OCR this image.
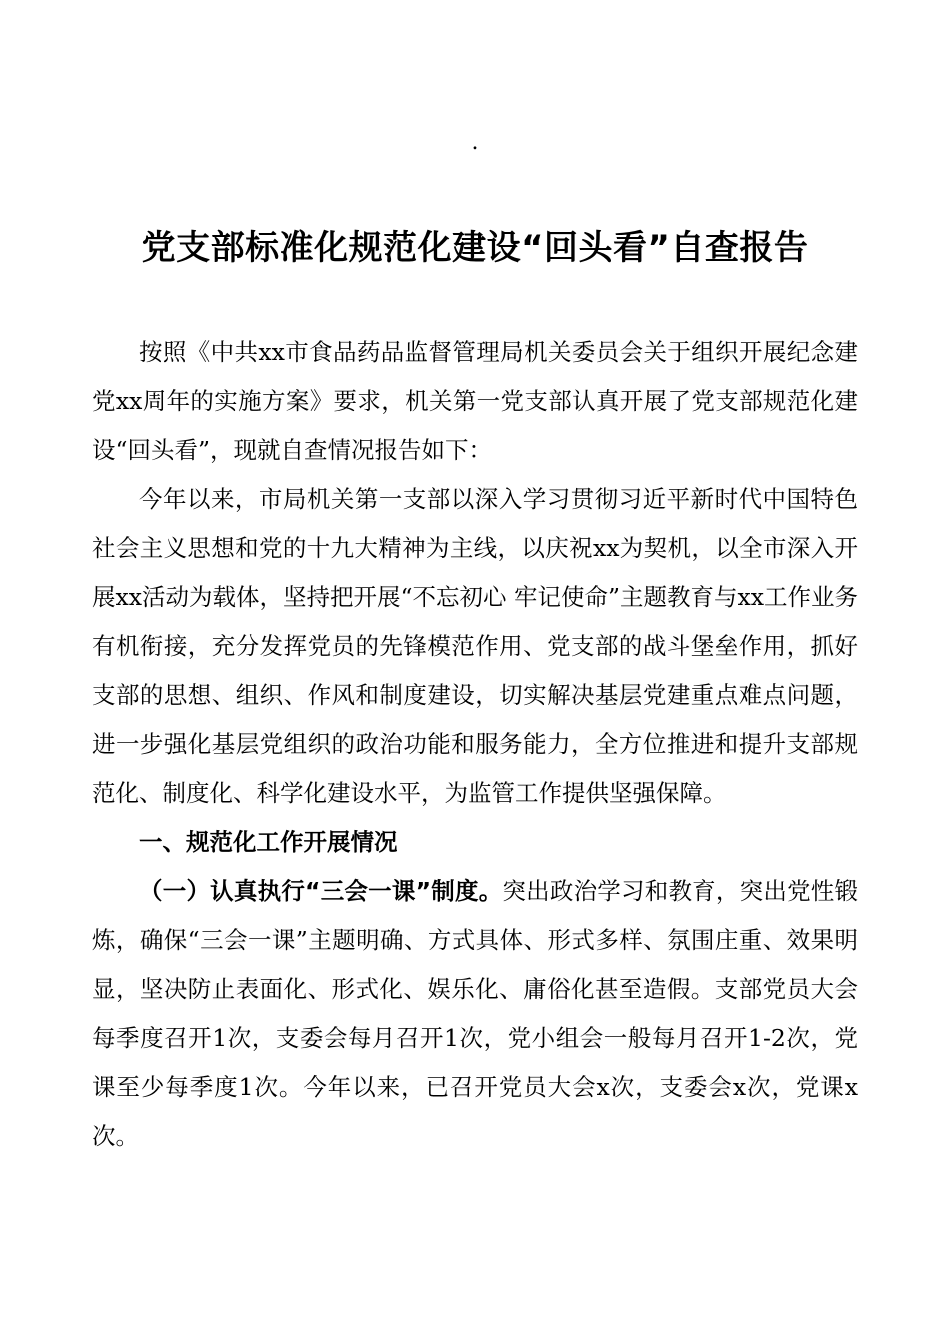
.
党支部标准化规范化建设“回头看”自查报告

按照《中共xx市食品药品监督管理局机关委员会关于组织开展纪念建党xx周年的实施方案》要求，机关第一党支部认真开展了党支部规范化建设“回头看”，现就自查情况报告如下：

今年以来，市局机关第一支部以深入学习贯彻习近平新时代中国特色社会主义思想和党的十九大精神为主线，以庆祝xx为契机，以全市深入开展xx活动为载体，坚持把开展“不忘初心 牢记使命”主题教育与xx工作业务有机衔接，充分发挥党员的先锋模范作用、党支部的战斗堡垒作用，抓好支部的思想、组织、作风和制度建设，切实解决基层党建重点难点问题，进一步强化基层党组织的政治功能和服务能力，全方位推进和提升支部规范化、制度化、科学化建设水平，为监管工作提供坚强保障。

一、规范化工作开展情况

（一）认真执行“三会一课”制度。突出政治学习和教育，突出党性锻炼，确保“三会一课”主题明确、方式具体、形式多样、氛围庄重、效果明显，坚决防止表面化、形式化、娱乐化、庸俗化甚至造假。支部党员大会每季度召开1次，支委会每月召开1次，党小组会一般每月召开1-2次，党课至少每季度1次。今年以来，已召开党员大会x次，支委会x次，党课x次。
